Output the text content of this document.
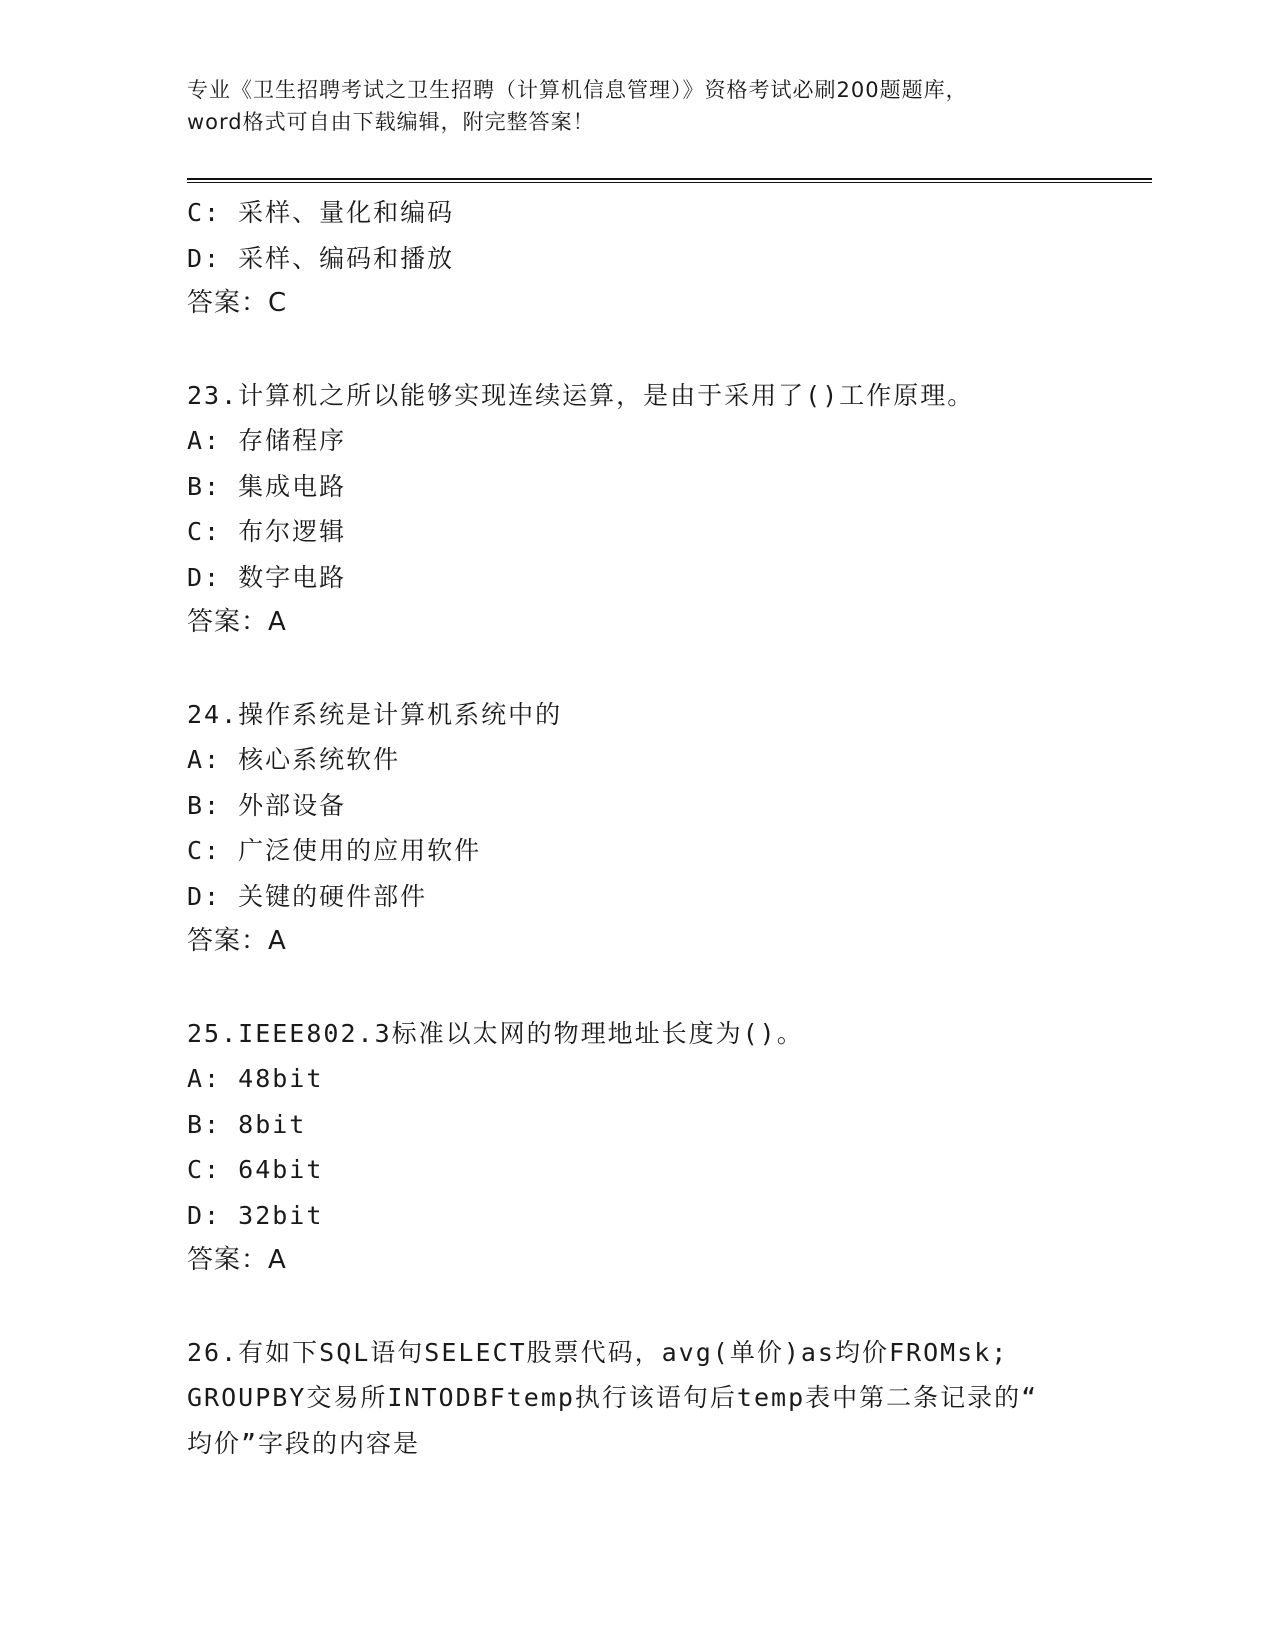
专业《卫生招聘考试之卫生招聘（计算机信息管理）》资格考试必刷200题题库，
word格式可自由下载编辑，附完整答案！
C: 采样、量化和编码
D: 采样、编码和播放
答案：C
23.计算机之所以能够实现连续运算，是由于采用了()工作原理。
A: 存储程序
B: 集成电路
C: 布尔逻辑
D: 数字电路
答案：A
24.操作系统是计算机系统中的
A: 核心系统软件
B: 外部设备
C: 广泛使用的应用软件
D: 关键的硬件部件
答案：A
25.IEEE802.3标准以太网的物理地址长度为()。
A: 48bit
B: 8bit
C: 64bit
D: 32bit
答案：A
26.有如下SQL语句SELECT股票代码，avg(单价)as均价FROMsk;
GROUPBY交易所INTODBFtemp执行该语句后temp表中第二条记录的“
均价”字段的内容是
